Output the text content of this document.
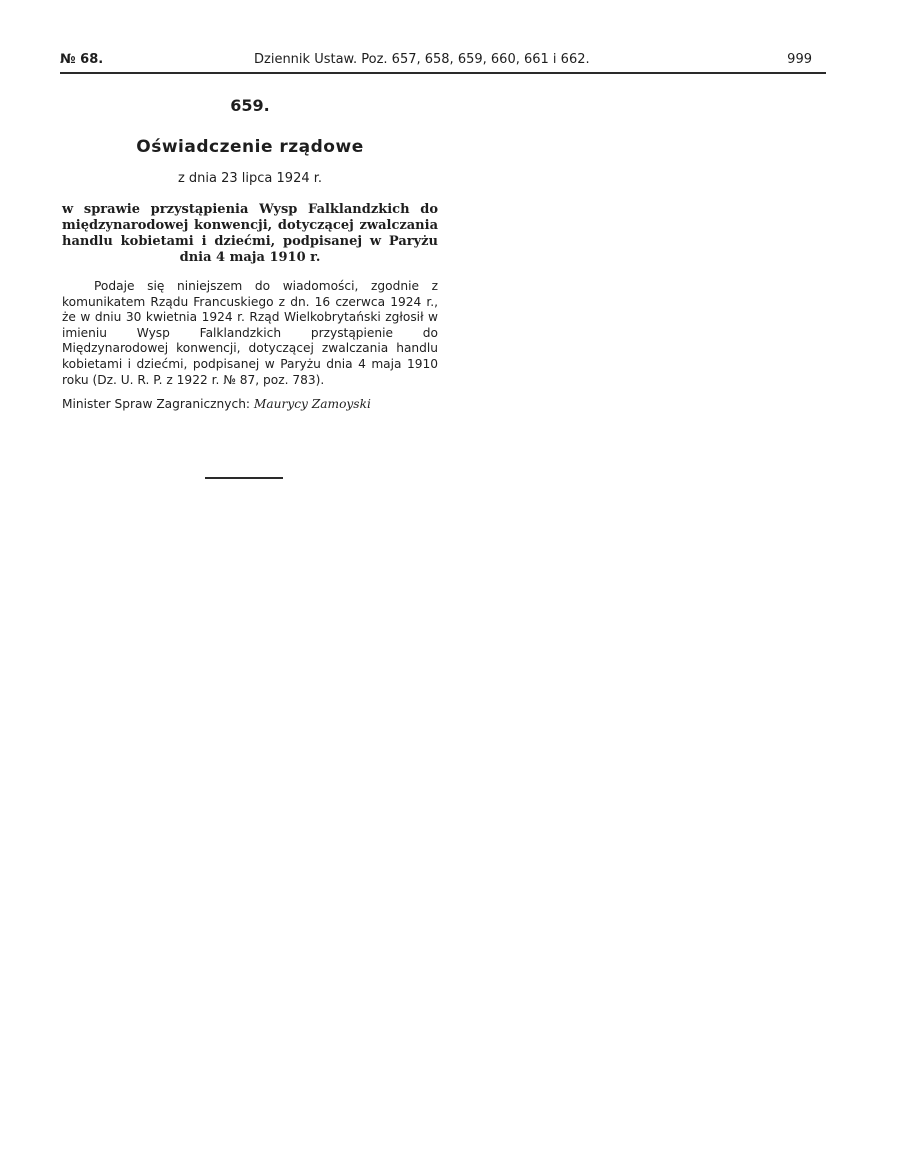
№ 68.	Dziennik Ustaw. Poz. 657, 658, 659, 660, 661 i 662.	999
659.
Oświadczenie rządowe
z dnia 23 lipca 1924 r.
w sprawie przystąpienia Wysp Falklandzkich do międzynarodowej konwencji, dotyczącej zwalczania handlu kobietami i dziećmi, podpisanej w Paryżu dnia 4 maja 1910 r.

Podaje się niniejszem do wiadomości, zgodnie z komunikatem Rządu Francuskiego z dn. 16 czerwca 1924 r., że w dniu 30 kwietnia 1924 r. Rząd Wielkobrytański zgłosił w imieniu Wysp Falklandzkich przystąpienie do Międzynarodowej konwencji, dotyczącej zwalczania handlu kobietami i dziećmi, podpisanej w Paryżu dnia 4 maja 1910 roku (Dz. U. R. P. z 1922 r. № 87, poz. 783).

Minister Spraw Zagranicznych: Maurycy Zamoyski
